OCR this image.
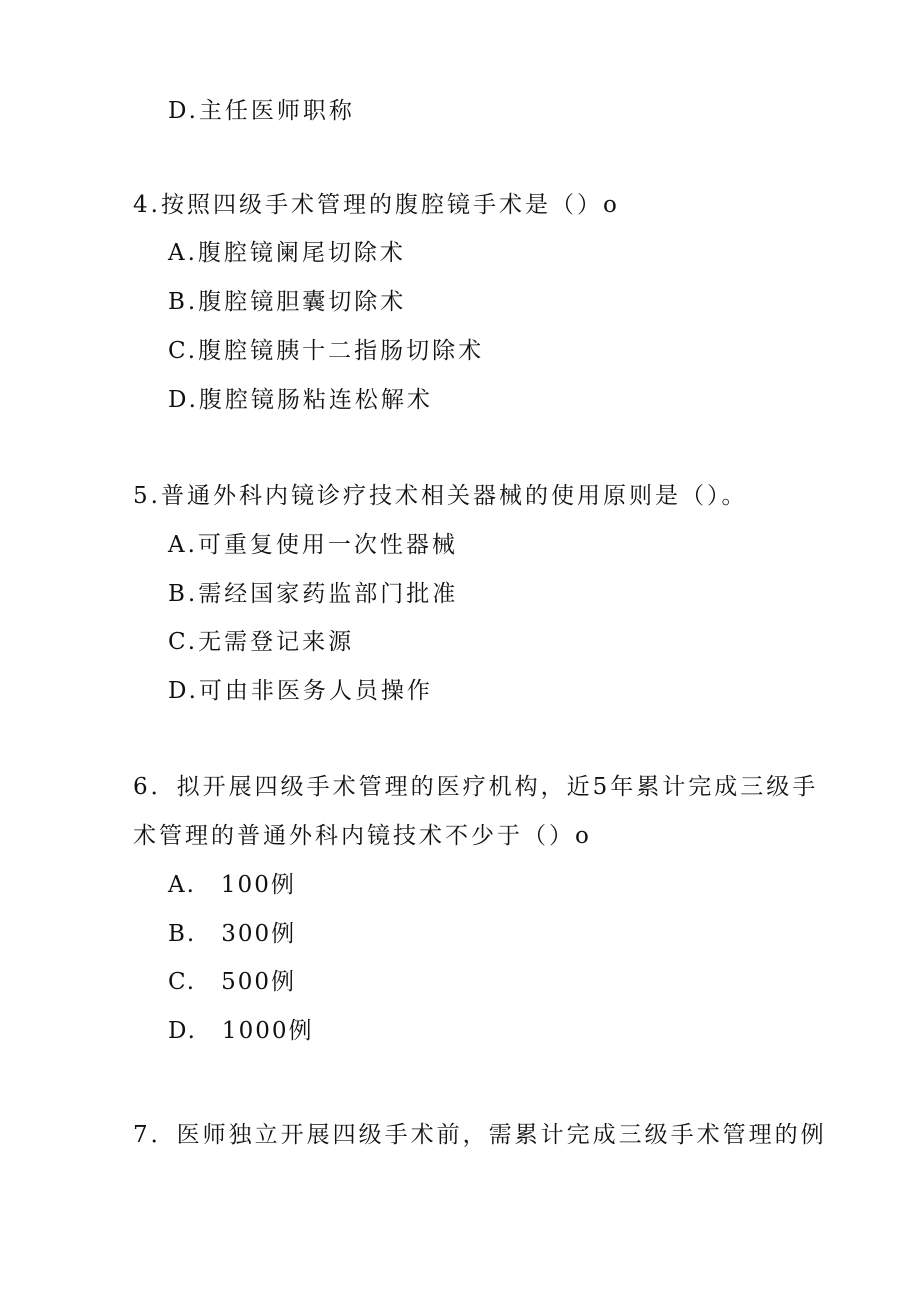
D.主任医师职称
4.按照四级手术管理的腹腔镜手术是（）o
A.腹腔镜阑尾切除术
B.腹腔镜胆囊切除术
C.腹腔镜胰十二指肠切除术
D.腹腔镜肠粘连松解术
5.普通外科内镜诊疗技术相关器械的使用原则是（）。
A.可重复使用一次性器械
B.需经国家药监部门批准
C.无需登记来源
D.可由非医务人员操作
6．拟开展四级手术管理的医疗机构，近5年累计完成三级手
术管理的普通外科内镜技术不少于（）o
A.　100例
B.　300例
C.　500例
D.　1000例
7．医师独立开展四级手术前，需累计完成三级手术管理的例
